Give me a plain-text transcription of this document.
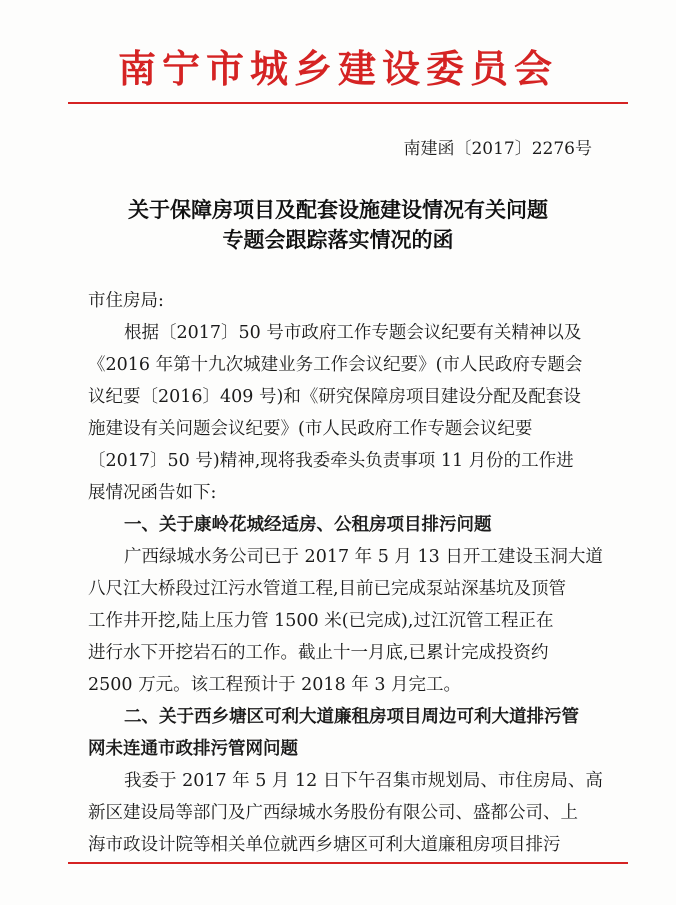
南宁市城乡建设委员会
南建函〔2017〕2276号
关于保障房项目及配套设施建设情况有关问题
专题会跟踪落实情况的函
市住房局:
根据〔2017〕50 号市政府工作专题会议纪要有关精神以及
《2016 年第十九次城建业务工作会议纪要》(市人民政府专题会
议纪要〔2016〕409 号)和《研究保障房项目建设分配及配套设
施建设有关问题会议纪要》(市人民政府工作专题会议纪要
〔2017〕50 号)精神,现将我委牵头负责事项 11 月份的工作进
展情况函告如下:
一、关于康岭花城经适房、公租房项目排污问题
广西绿城水务公司已于 2017 年 5 月 13 日开工建设玉洞大道
八尺江大桥段过江污水管道工程,目前已完成泵站深基坑及顶管
工作井开挖,陆上压力管 1500 米(已完成),过江沉管工程正在
进行水下开挖岩石的工作。截止十一月底,已累计完成投资约
2500 万元。该工程预计于 2018 年 3 月完工。
二、关于西乡塘区可利大道廉租房项目周边可利大道排污管
网未连通市政排污管网问题
我委于 2017 年 5 月 12 日下午召集市规划局、市住房局、高
新区建设局等部门及广西绿城水务股份有限公司、盛都公司、上
海市政设计院等相关单位就西乡塘区可利大道廉租房项目排污
